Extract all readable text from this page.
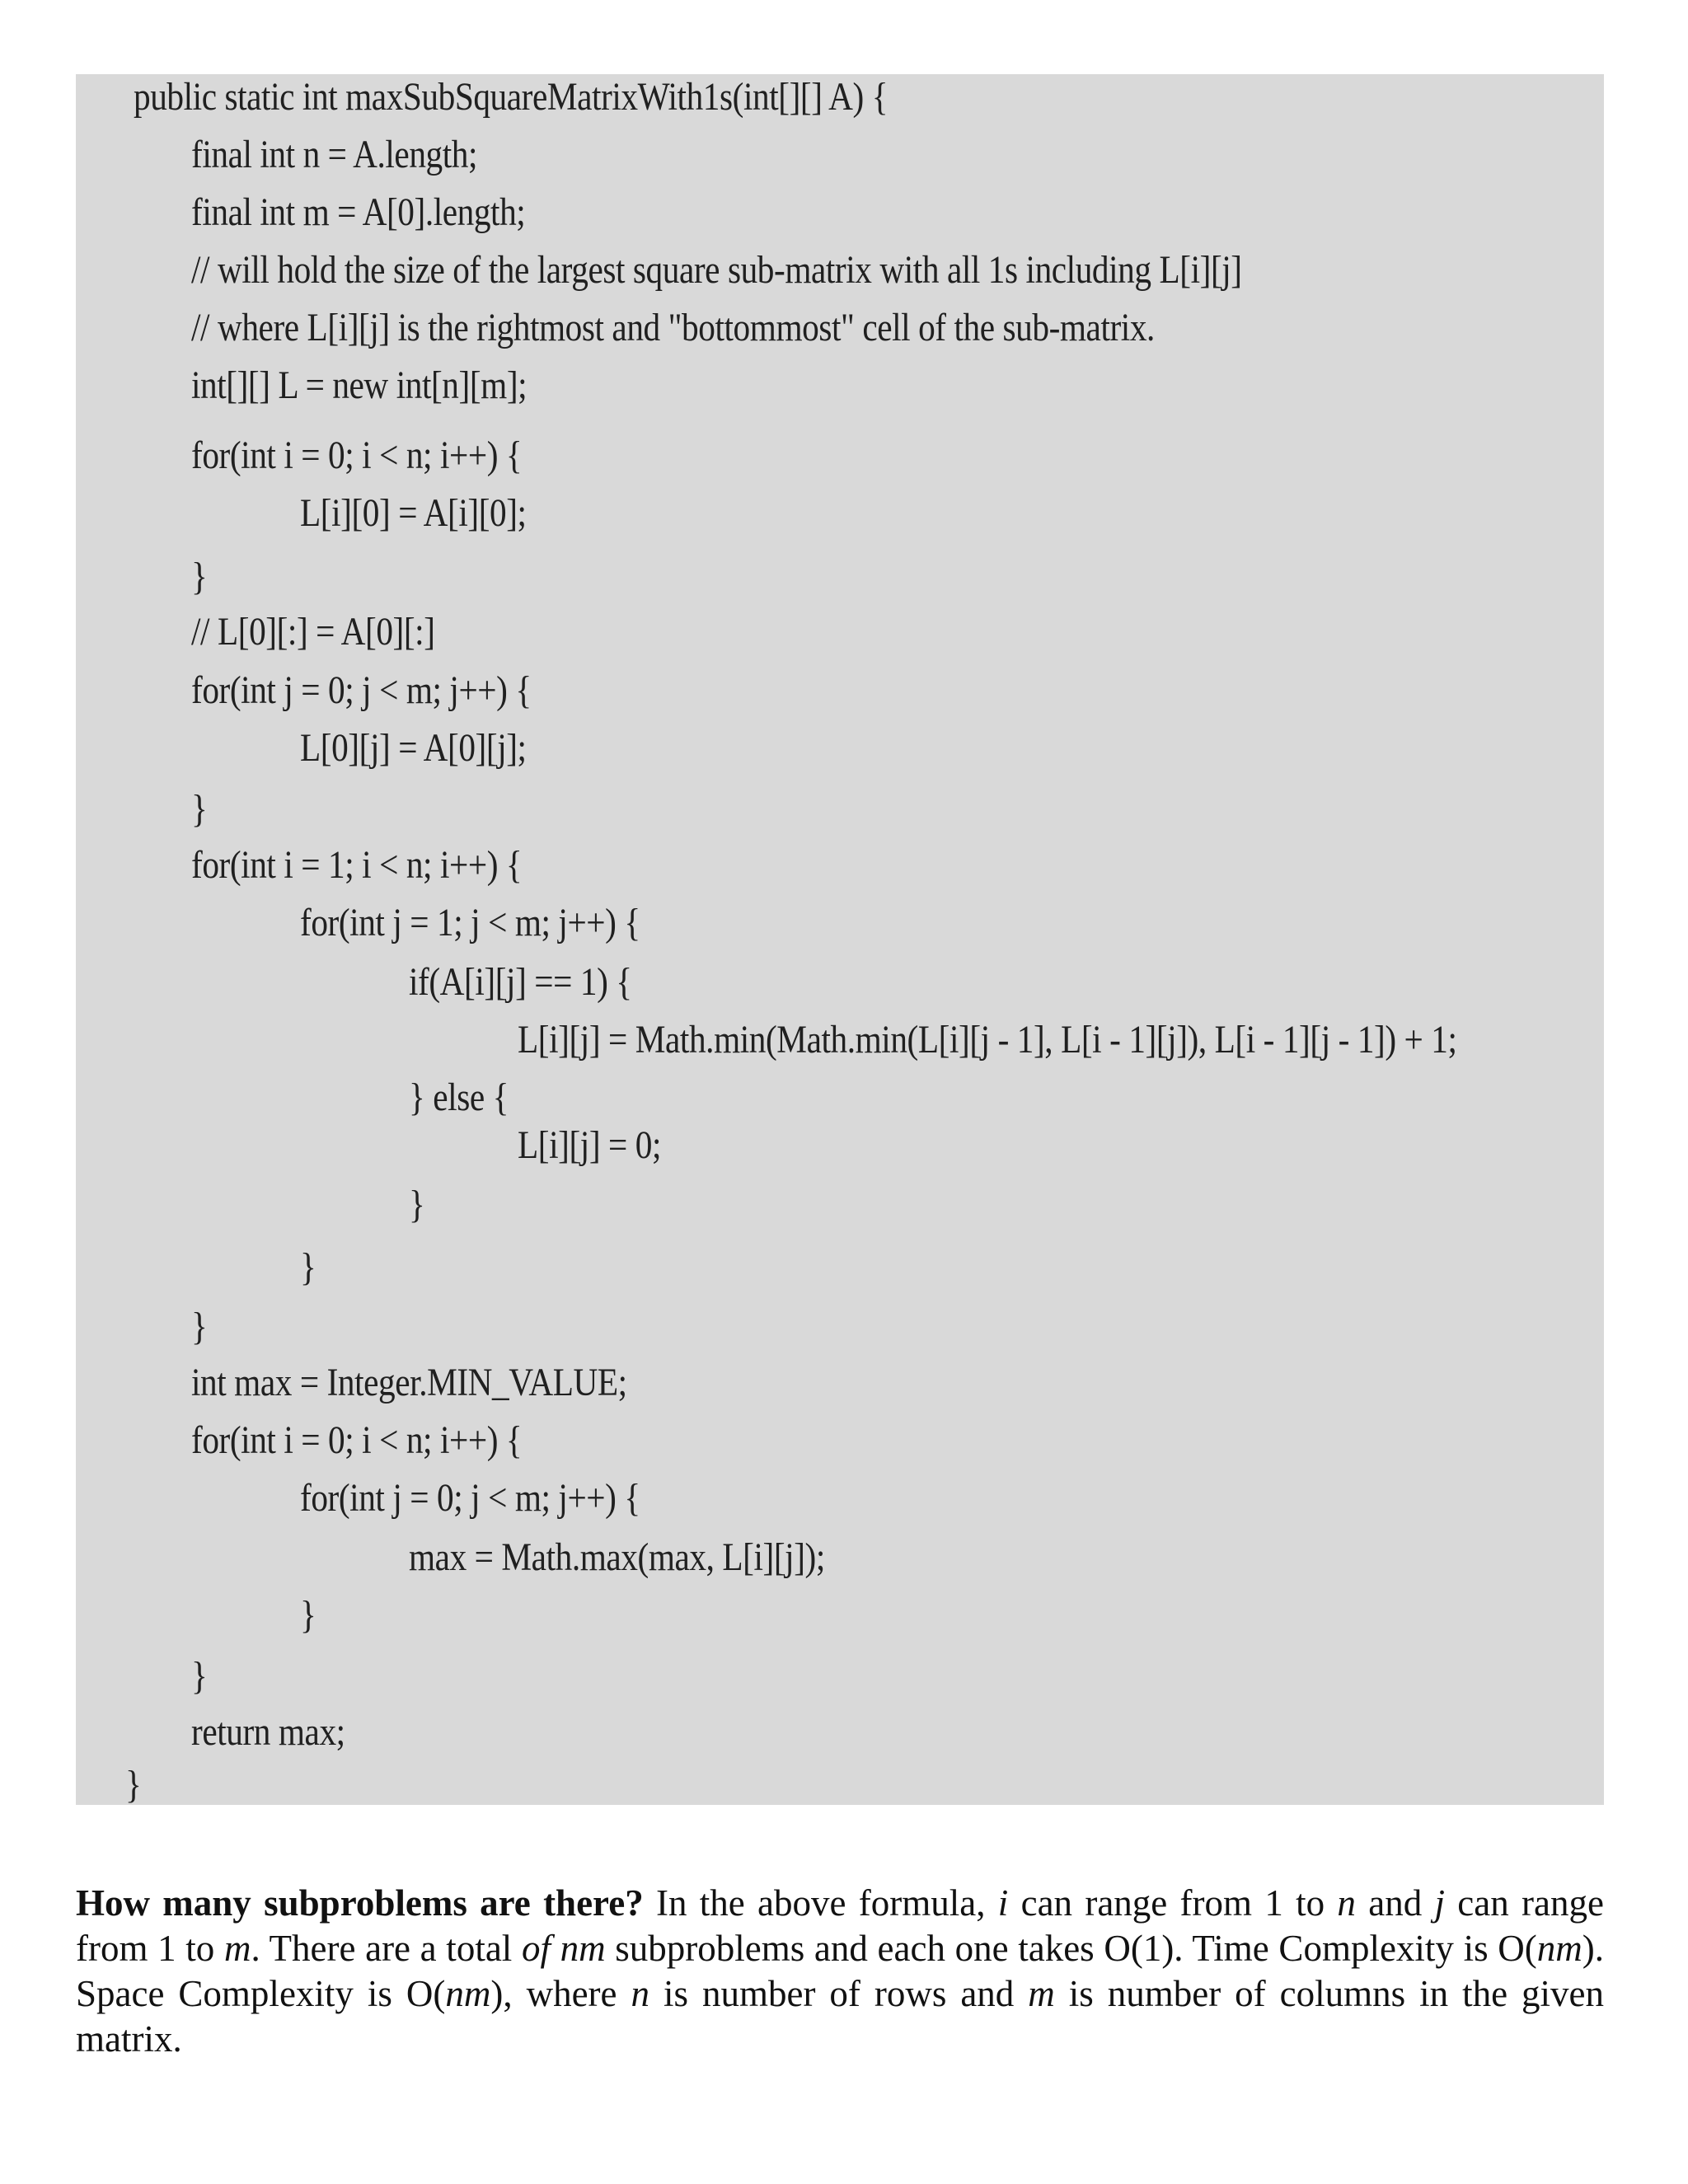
public static int maxSubSquareMatrixWith1s(int[][] A) {
final int n = A.length;
final int m = A[0].length;
// will hold the size of the largest square sub-matrix with all 1s including L[i][j]
// where L[i][j] is the rightmost and "bottommost" cell of the sub-matrix.
int[][] L = new int[n][m];
for(int i = 0; i < n; i++) {
L[i][0] = A[i][0];
}
// L[0][:] = A[0][:]
for(int j = 0; j < m; j++) {
L[0][j] = A[0][j];
}
for(int i = 1; i < n; i++) {
for(int j = 1; j < m; j++) {
if(A[i][j] == 1) {
L[i][j] = Math.min(Math.min(L[i][j - 1], L[i - 1][j]), L[i - 1][j - 1]) + 1;
} else {
L[i][j] = 0;
}
}
}
int max = Integer.MIN_VALUE;
for(int i = 0; i < n; i++) {
for(int j = 0; j < m; j++) {
max = Math.max(max, L[i][j]);
}
}
return max;
}

How many subproblems are there? In the above formula, i can range from 1 to n and j can range from 1 to m. There are a total of nm subproblems and each one takes O(1). Time Complexity is O(nm). Space Complexity is O(nm), where n is number of rows and m is number of columns in the given matrix.
